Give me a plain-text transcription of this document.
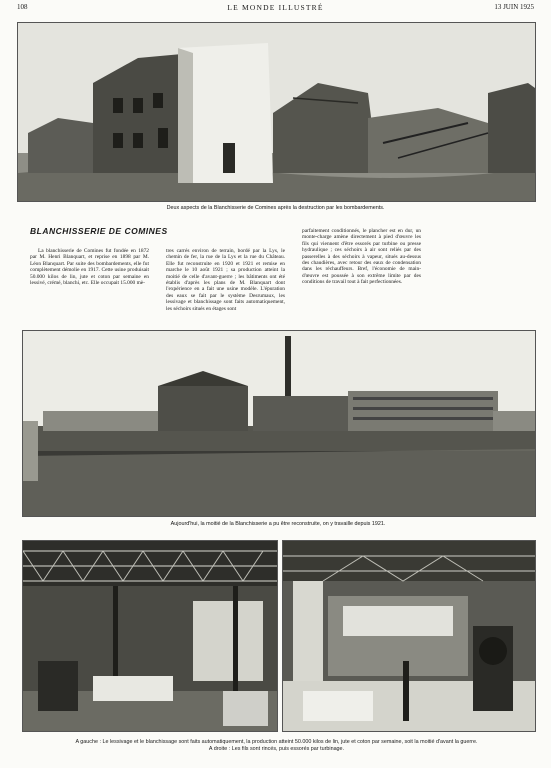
108	LE MONDE ILLUSTRÉ	13 JUIN 1925
Deux aspects de la Blanchisserie de Comines après la destruction par les bombardements.
BLANCHISSERIE DE COMINES

La blanchisserie de Comines fut fondée en 1872 par M. Henri Blanquart, et reprise en 1898 par M. Léon Blanquart. Par suite des bombardements, elle fut complètement démolie en 1917. Cette usine produisait 50.000 kilos de lin, jute et coton par semaine en lessivé, crémé, blanchi, etc. Elle occupait 15.000 mè-

tres carrés environ de terrain, bordé par la Lys, le chemin de fer, la rue de la Lys et la rue du Château. Elle fut reconstruite en 1920 et 1921 et remise en marche le 10 août 1921 ; sa production atteint la moitié de celle d'avant-guerre ; les bâtiments ont été établis d'après les plans de M. Blanquart dont l'expérience en a fait une usine modèle. L'épuration des eaux se fait par le système Desrumaux, les lessivage et blanchissage sont faits automatiquement, les séchoirs situés en étages sont

parfaitement conditionnés, le plancher est en dur, un monte-charge amène directement à pied d'œuvre les fils qui viennent d'être essorés par turbine ou presse hydraulique ; ces séchoirs à air sont reliés par des passerelles à des séchoirs à vapeur, situés au-dessus des chaudières, avec retour des eaux de condensation dans les réchauffeurs. Bref, l'économie de main-d'œuvre est poussée à son extrême limite par des conditions de travail tout à fait perfectionnées.

Aujourd'hui, la moitié de la Blanchisserie a pu être reconstruite, on y travaille depuis 1921.
A gauche : Le lessivage et le blanchissage sont faits automatiquement, la production atteint 50.000 kilos de lin, jute et coton par semaine, soit la moitié d'avant la guerre.
A droite : Les fils sont rincés, puis essorés par turbinage.
